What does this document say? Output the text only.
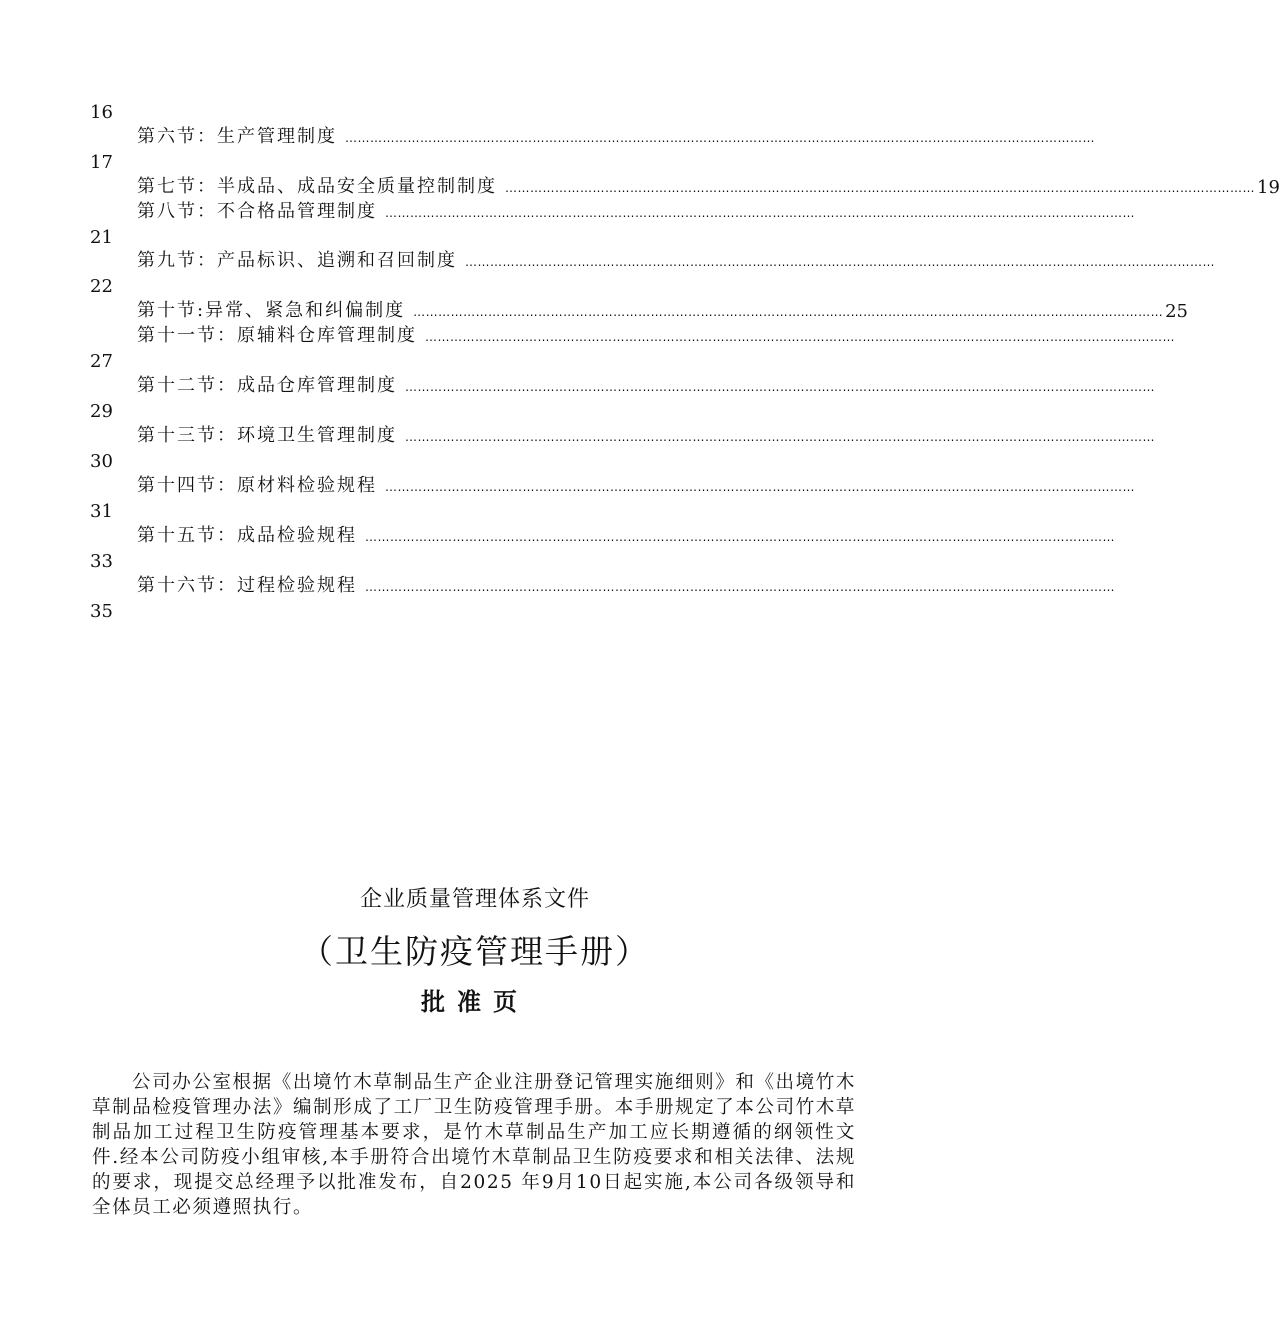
16
17
21
22
27
29
30
31
33
35
第六节：生产管理制度 ………………………………………………………………………………………………………………………………………………………………
第七节：半成品、成品安全质量控制制度 ……………………………………………………………………………………………………………………………………………………………… 19
第八节：不合格品管理制度 ………………………………………………………………………………………………………………………………………………………………
第九节：产品标识、追溯和召回制度 ………………………………………………………………………………………………………………………………………………………………
第十节:异常、紧急和纠偏制度 ……………………………………………………………………………………………………………………………………………………………… 25
第十一节：原辅料仓库管理制度 ………………………………………………………………………………………………………………………………………………………………
第十二节：成品仓库管理制度 ………………………………………………………………………………………………………………………………………………………………
第十三节：环境卫生管理制度 ………………………………………………………………………………………………………………………………………………………………
第十四节：原材料检验规程 ………………………………………………………………………………………………………………………………………………………………
第十五节：成品检验规程 ………………………………………………………………………………………………………………………………………………………………
第十六节：过程检验规程 ………………………………………………………………………………………………………………………………………………………………
企业质量管理体系文件
（卫生防疫管理手册）
批准页
公司办公室根据《出境竹木草制品生产企业注册登记管理实施细则》和《出境竹木草制品检疫管理办法》编制形成了工厂卫生防疫管理手册。本手册规定了本公司竹木草制品加工过程卫生防疫管理基本要求，是竹木草制品生产加工应长期遵循的纲领性文件.经本公司防疫小组审核,本手册符合出境竹木草制品卫生防疫要求和相关法律、法规的要求，现提交总经理予以批准发布，自2025 年9月10日起实施,本公司各级领导和全体员工必须遵照执行。
